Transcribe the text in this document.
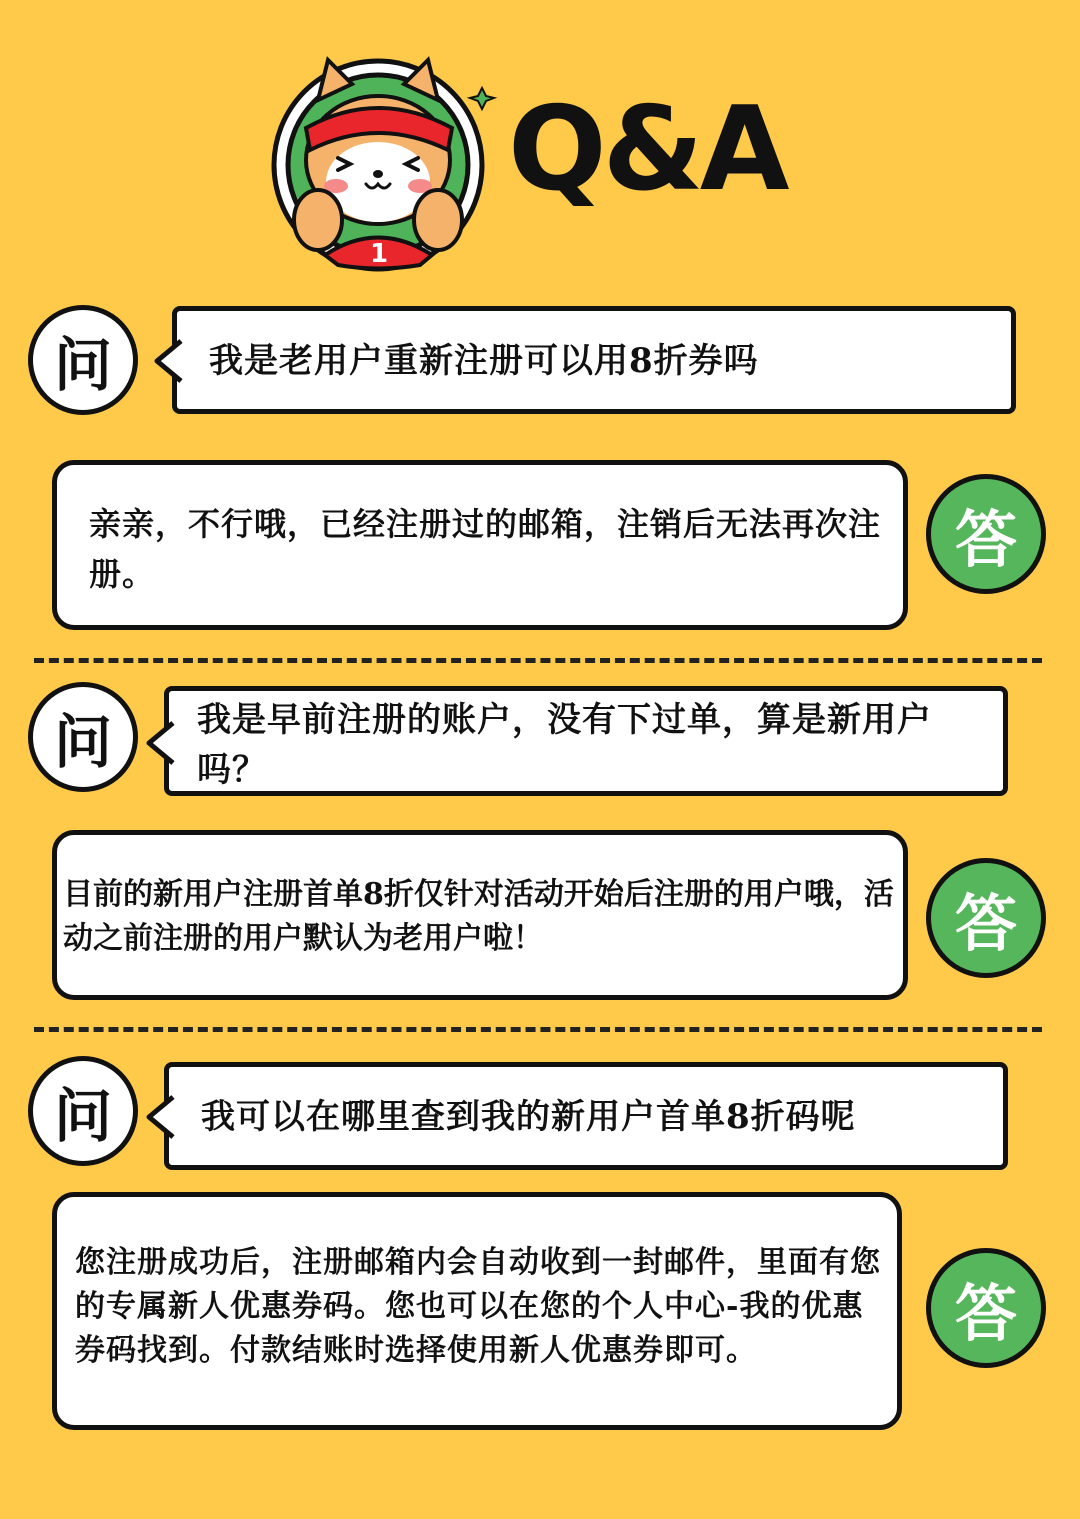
1
Q&A
问	我是老用户重新注册可以用8折券吗
亲亲，不行哦，已经注册过的邮箱，注销后无法再次注册。	答
问	我是早前注册的账户，没有下过单，算是新用户吗？
目前的新用户注册首单8折仅针对活动开始后注册的用户哦，活动之前注册的用户默认为老用户啦！	答
问	我可以在哪里查到我的新用户首单8折码呢
您注册成功后，注册邮箱内会自动收到一封邮件，里面有您的专属新人优惠券码。您也可以在您的个人中心-我的优惠券码找到。付款结账时选择使用新人优惠券即可。
答
